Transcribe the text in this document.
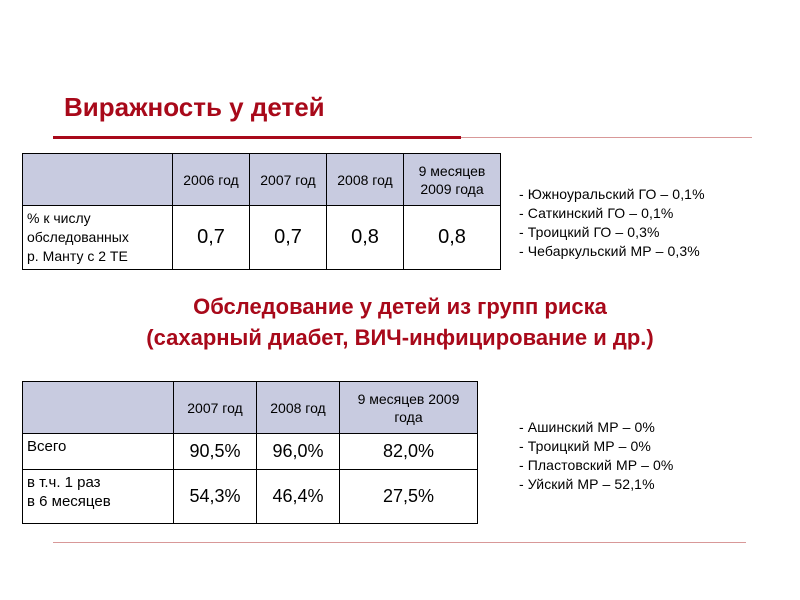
Виражность у детей
	2006 год	2007 год	2008 год	9 месяцев
2009 года
% к числу
обследованных
р. Манту с 2 ТЕ	0,7	0,7	0,8	0,8
- Южноуральский ГО – 0,1%
- Саткинский ГО – 0,1%
- Троицкий ГО – 0,3%
- Чебаркульский МР – 0,3%
Обследование у детей из групп риска
(сахарный диабет, ВИЧ-инфицирование и др.)
	2007 год	2008 год	9 месяцев 2009
года
Всего	90,5%	96,0%	82,0%
в т.ч. 1 раз
в 6 месяцев	54,3%	46,4%	27,5%
- Ашинский МР – 0%
- Троицкий МР – 0%
- Пластовский МР – 0%
- Уйский МР – 52,1%
